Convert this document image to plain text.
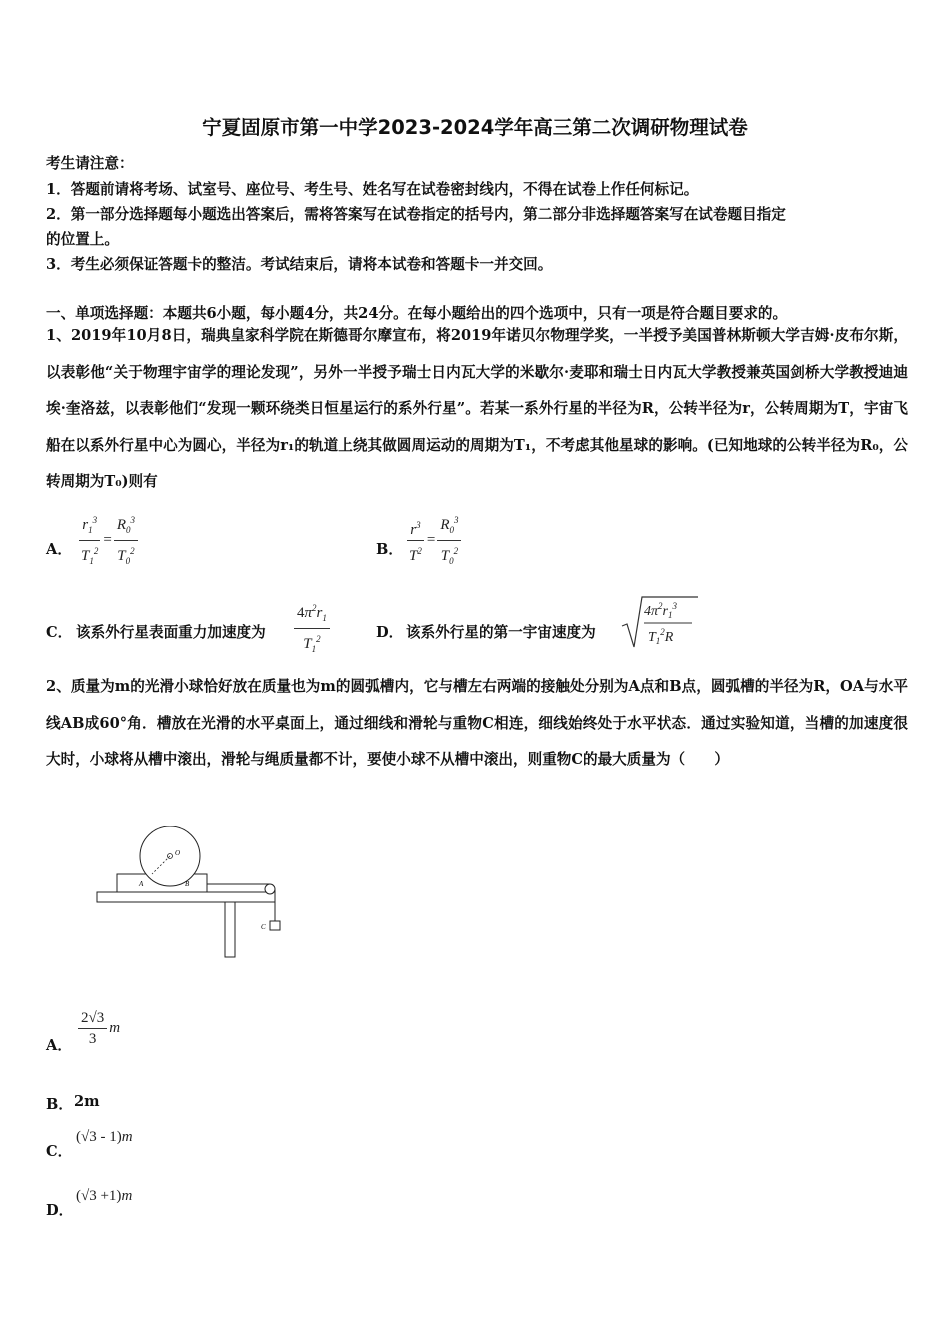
宁夏固原市第一中学2023-2024学年高三第二次调研物理试卷
考生请注意：
1．答题前请将考场、试室号、座位号、考生号、姓名写在试卷密封线内，不得在试卷上作任何标记。
2．第一部分选择题每小题选出答案后，需将答案写在试卷指定的括号内，第二部分非选择题答案写在试卷题目指定
的位置上。
3．考生必须保证答题卡的整洁。考试结束后，请将本试卷和答题卡一并交回。
一、单项选择题：本题共6小题，每小题4分，共24分。在每小题给出的四个选项中，只有一项是符合题目要求的。
1、2019年10月8日，瑞典皇家科学院在斯德哥尔摩宣布，将2019年诺贝尔物理学奖，一半授予美国普林斯顿大学吉姆·皮布尔斯，以表彰他“关于物理宇宙学的理论发现”，另外一半授予瑞士日内瓦大学的米歇尔·麦耶和瑞士日内瓦大学教授兼英国剑桥大学教授迪迪埃·奎洛兹，以表彰他们“发现一颗环绕类日恒星运行的系外行星”。若某一系外行星的半径为R，公转半径为r，公转周期为T，宇宙飞船在以系外行星中心为圆心，半径为r₁的轨道上绕其做圆周运动的周期为T₁，不考虑其他星球的影响。(已知地球的公转半径为R₀，公转周期为T₀)则有
A． $\frac{r_1^3}{T_1^2} = \frac{R_0^3}{T_0^2}$	B． $\frac{r^3}{T^2} = \frac{R_0^3}{T_0^2}$
C． 该系外行星表面重力加速度为 $\frac{4\pi^2r_1}{T_1^2}$	D． 该系外行星的第一宇宙速度为
$4\pi^2r_1^3$
$T_1^2R$
2、质量为m的光滑小球恰好放在质量也为m的圆弧槽内，它与槽左右两端的接触处分别为A点和B点，圆弧槽的半径为R，OA与水平线AB成60°角．槽放在光滑的水平桌面上，通过细线和滑轮与重物C相连，细线始终处于水平状态．通过实验知道，当槽的加速度很大时，小球将从槽中滚出，滑轮与绳质量都不计，要使小球不从槽中滚出，则重物C的最大质量为（　　）
O
A	B
C
A． $\frac{2√3}{3}$ m
B． 2m
C．
(√3 - 1)m
D．
(√3 +1)m
